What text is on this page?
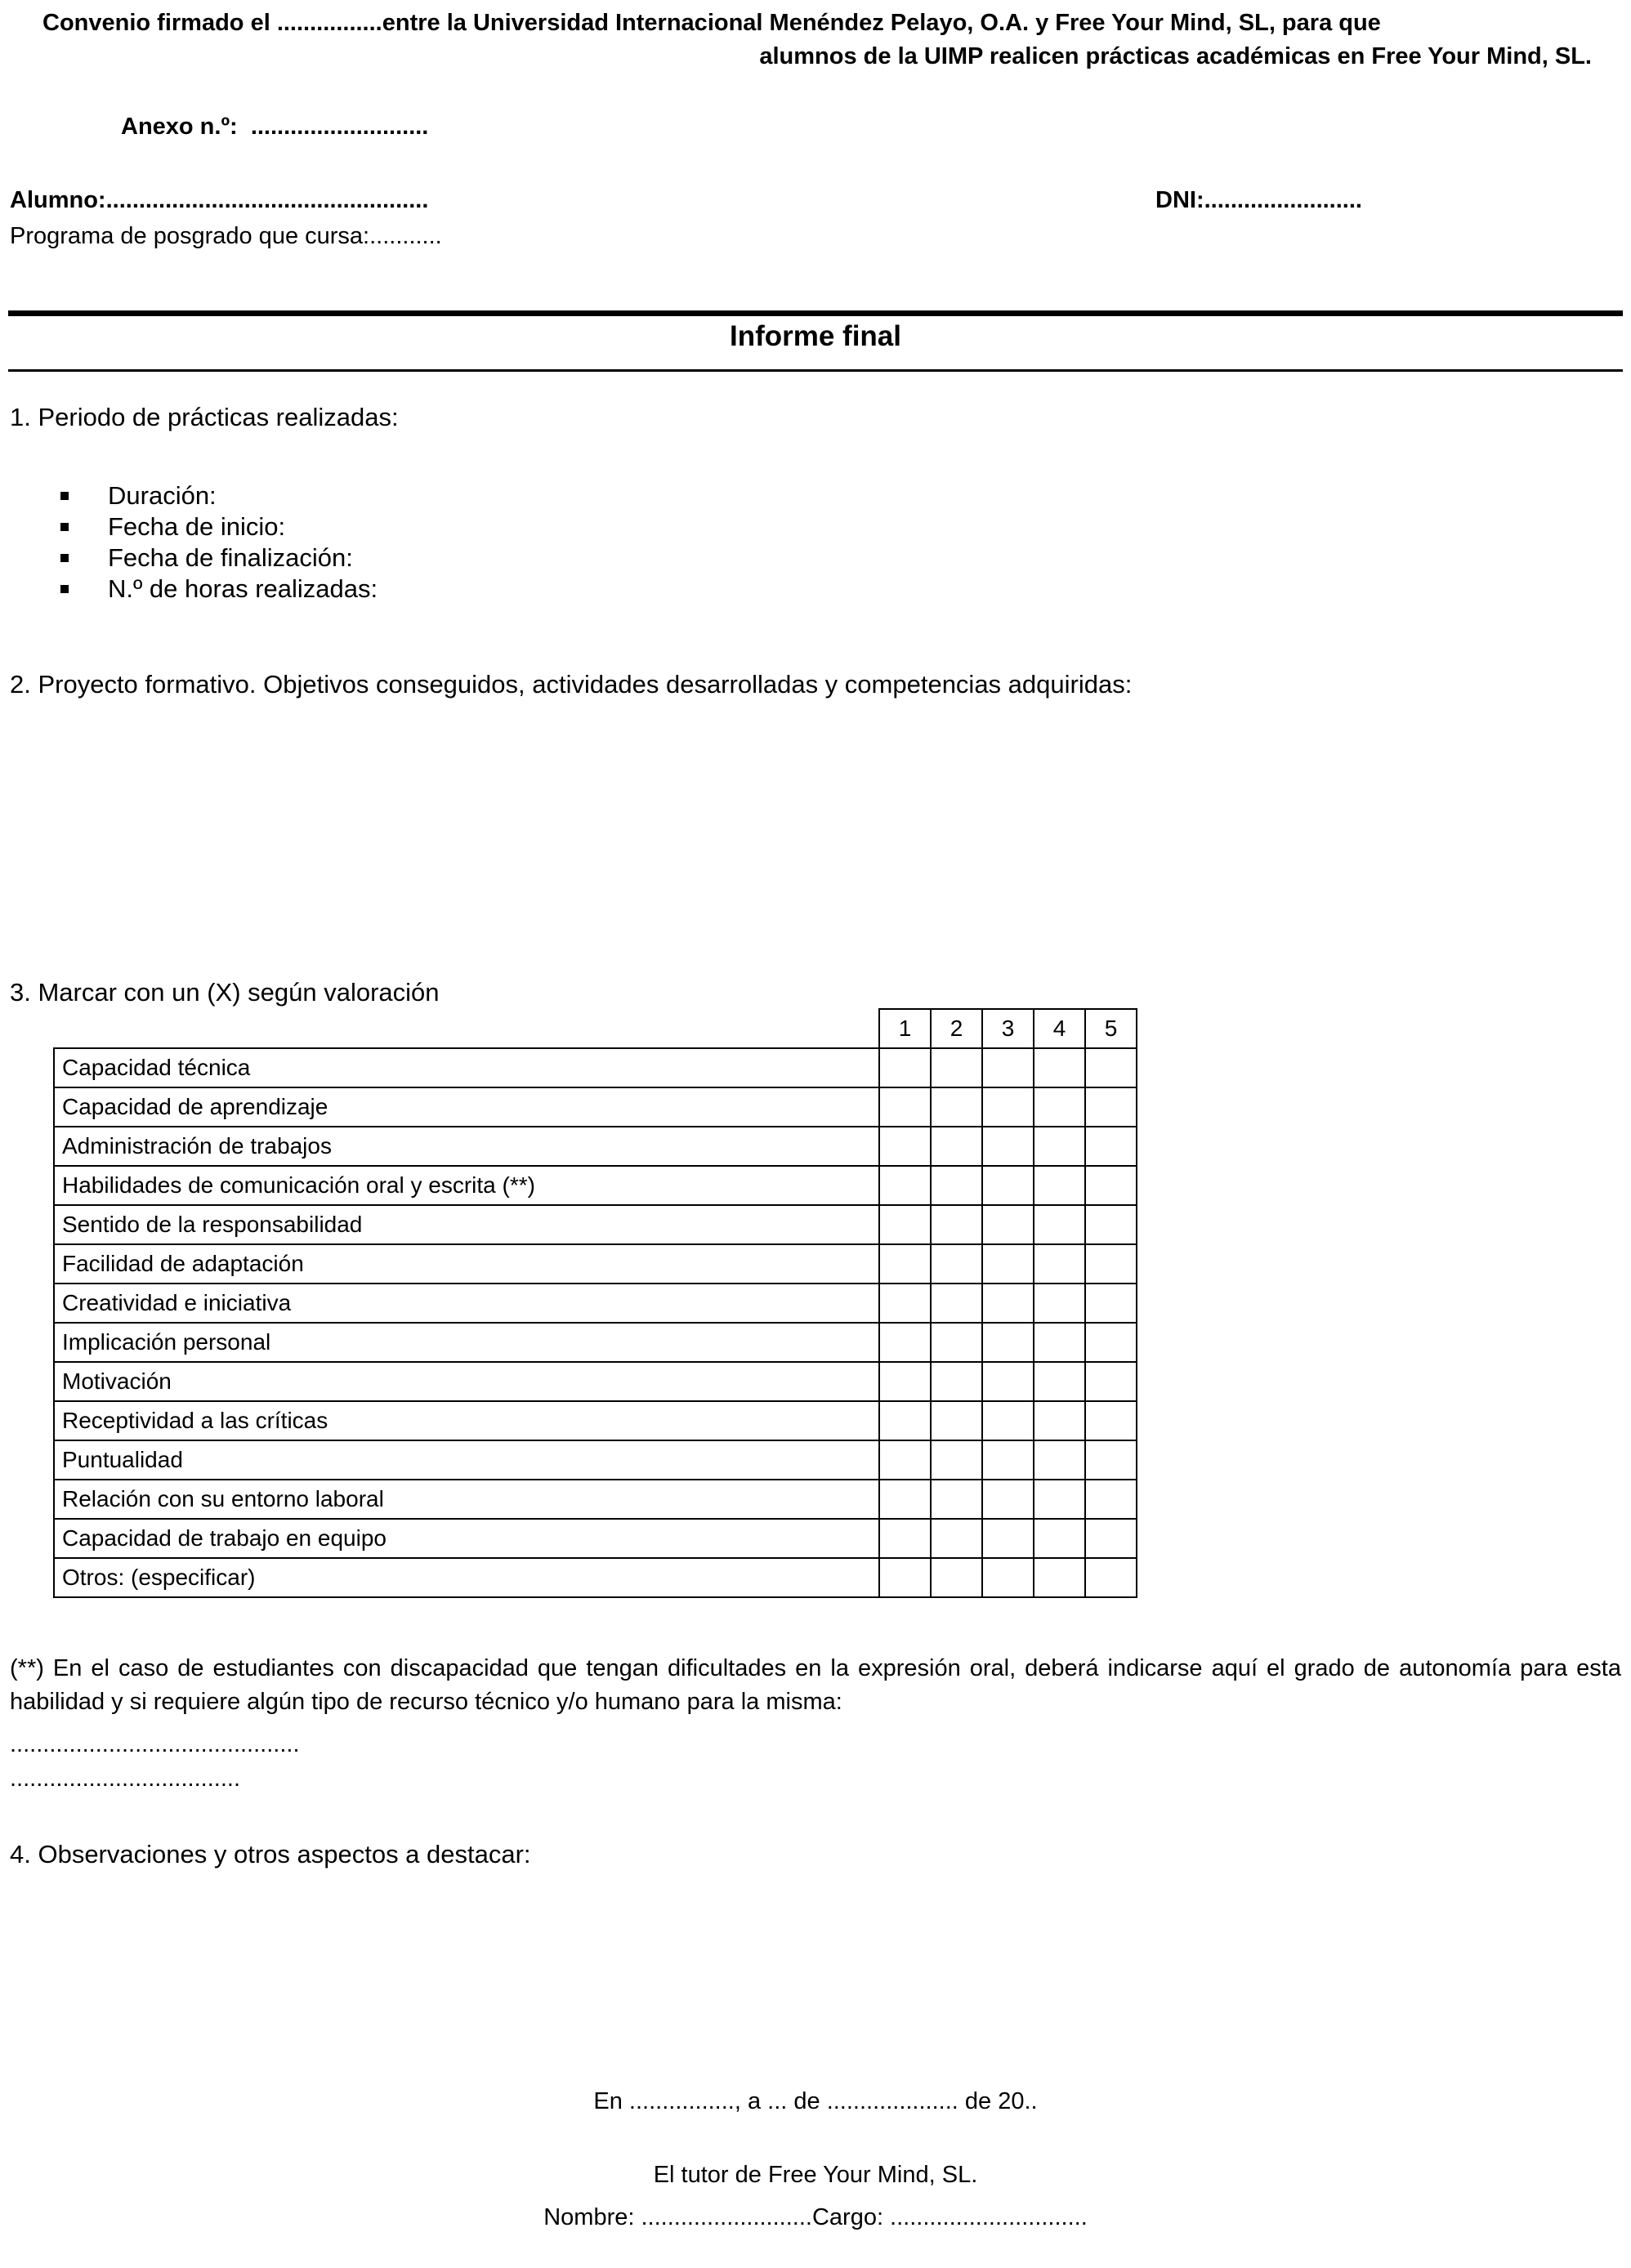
Convenio firmado el ................entre la Universidad Internacional Menéndez Pelayo, O.A. y Free Your Mind, SL, para que
alumnos de la UIMP realicen prácticas académicas en Free Your Mind, SL.
Anexo n.º:  ...........................
Alumno:.................................................	DNI:........................
Programa de posgrado que cursa:...........
Informe final
1. Periodo de prácticas realizadas:
Duración:
Fecha de inicio:
Fecha de finalización:
N.º de horas realizadas:
2. Proyecto formativo. Objetivos conseguidos, actividades desarrolladas y competencias adquiridas:
3. Marcar con un (X) según valoración
	1	2	3	4	5
Capacidad técnica					
Capacidad de aprendizaje					
Administración de trabajos					
Habilidades de comunicación oral y escrita (**)					
Sentido de la responsabilidad					
Facilidad de adaptación					
Creatividad e iniciativa					
Implicación personal					
Motivación					
Receptividad a las críticas					
Puntualidad					
Relación con su entorno laboral					
Capacidad de trabajo en equipo					
Otros: (especificar)					
(**) En el caso de estudiantes con discapacidad que tengan dificultades en la expresión oral, deberá indicarse aquí el grado de autonomía para esta habilidad y si requiere algún tipo de recurso técnico y/o humano para la misma:
............................................
...................................
4. Observaciones y otros aspectos a destacar:
En ................, a ... de .................... de 20..
El tutor de Free Your Mind, SL.
Nombre: ..........................Cargo: ..............................
